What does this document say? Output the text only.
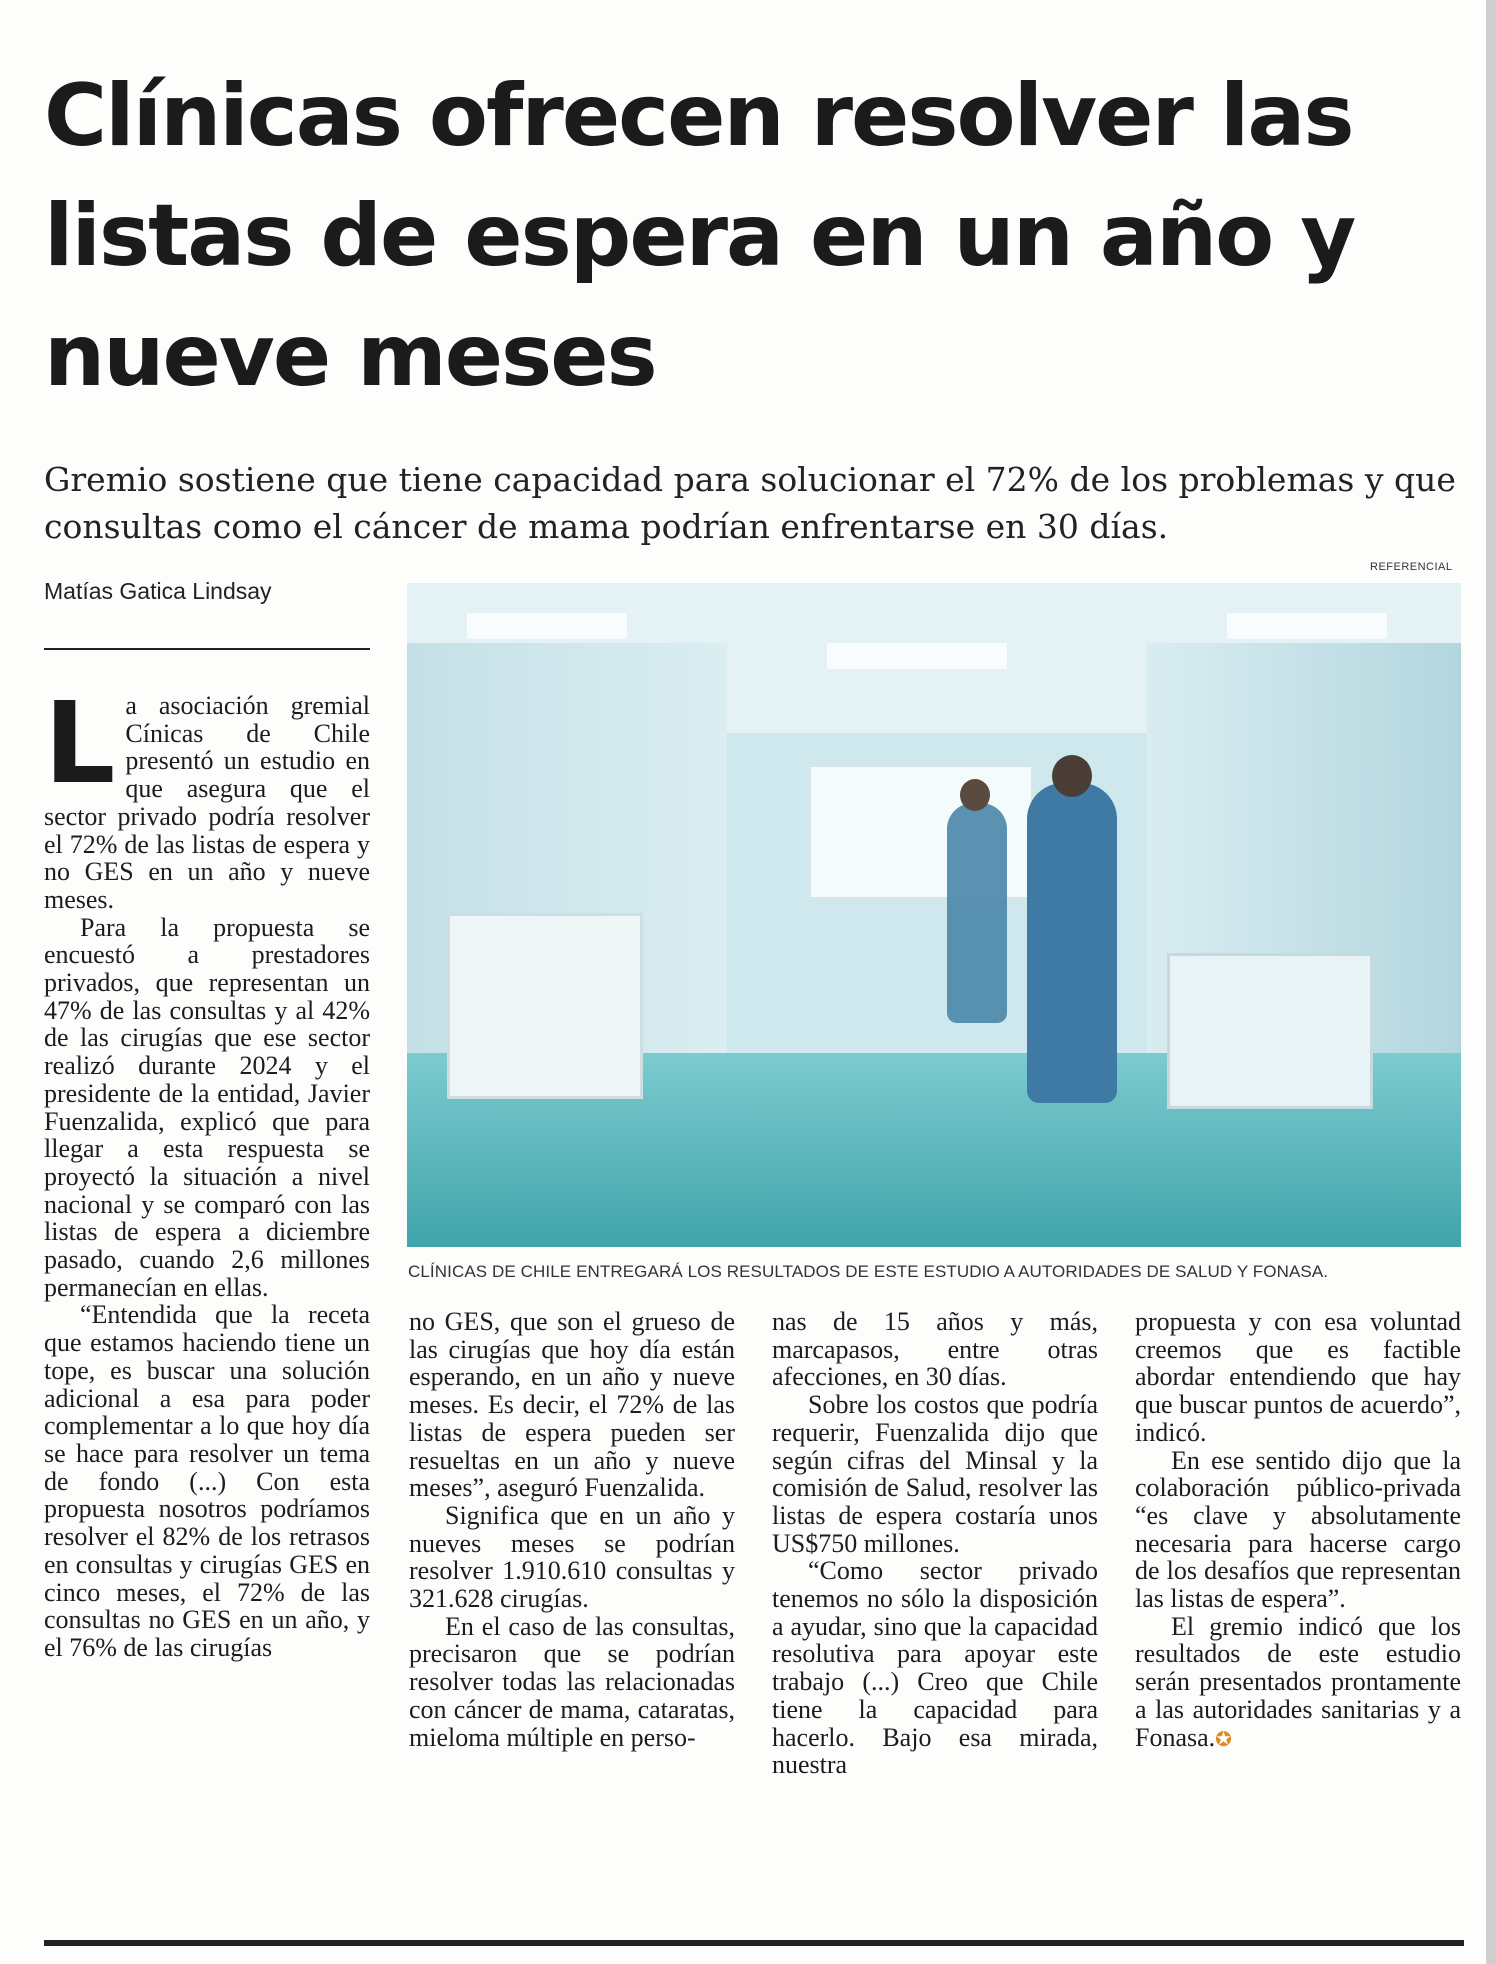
Clínicas ofrecen resolver las listas de espera en un año y nueve meses

Gremio sostiene que tiene capacidad para solucionar el 72% de los problemas y que consultas como el cáncer de mama podrían enfrentarse en 30 días.

REFERENCIAL
Matías Gatica Lindsay
CLÍNICAS DE CHILE ENTREGARÁ LOS RESULTADOS DE ESTE ESTUDIO A AUTORIDADES DE SALUD Y FONASA.

La asociación gremial Cínicas de Chile presentó un estudio en que asegura que el sector privado podría resolver el 72% de las listas de espera y no GES en un año y nueve meses.

Para la propuesta se encuestó a prestadores privados, que representan un 47% de las consultas y al 42% de las cirugías que ese sector realizó durante 2024 y el presidente de la entidad, Javier Fuenzalida, explicó que para llegar a esta respuesta se proyectó la situación a nivel nacional y se comparó con las listas de espera a diciembre pasado, cuando 2,6 millones permanecían en ellas.

“Entendida que la receta que estamos haciendo tiene un tope, es buscar una solución adicional a esa para poder complementar a lo que hoy día se hace para resolver un tema de fondo (...) Con esta propuesta nosotros podríamos resolver el 82% de los retrasos en consultas y cirugías GES en cinco meses, el 72% de las consultas no GES en un año, y el 76% de las cirugías

no GES, que son el grueso de las cirugías que hoy día están esperando, en un año y nueve meses. Es decir, el 72% de las listas de espera pueden ser resueltas en un año y nueve meses”, aseguró Fuenzalida.

Significa que en un año y nueves meses se podrían resolver 1.910.610 consultas y 321.628 cirugías.

En el caso de las consultas, precisaron que se podrían resolver todas las relacionadas con cáncer de mama, cataratas, mieloma múltiple en perso-

nas de 15 años y más, marcapasos, entre otras afecciones, en 30 días.

Sobre los costos que podría requerir, Fuenzalida dijo que según cifras del Minsal y la comisión de Salud, resolver las listas de espera costaría unos US$750 millones.

“Como sector privado tenemos no sólo la disposición a ayudar, sino que la capacidad resolutiva para apoyar este trabajo (...) Creo que Chile tiene la capacidad para hacerlo. Bajo esa mirada, nuestra

propuesta y con esa voluntad creemos que es factible abordar entendiendo que hay que buscar puntos de acuerdo”, indicó.

En ese sentido dijo que la colaboración público-privada “es clave y absolutamente necesaria para hacerse cargo de los desafíos que representan las listas de espera”.

El gremio indicó que los resultados de este estudio serán presentados prontamente a las autoridades sanitarias y a Fonasa.✪
